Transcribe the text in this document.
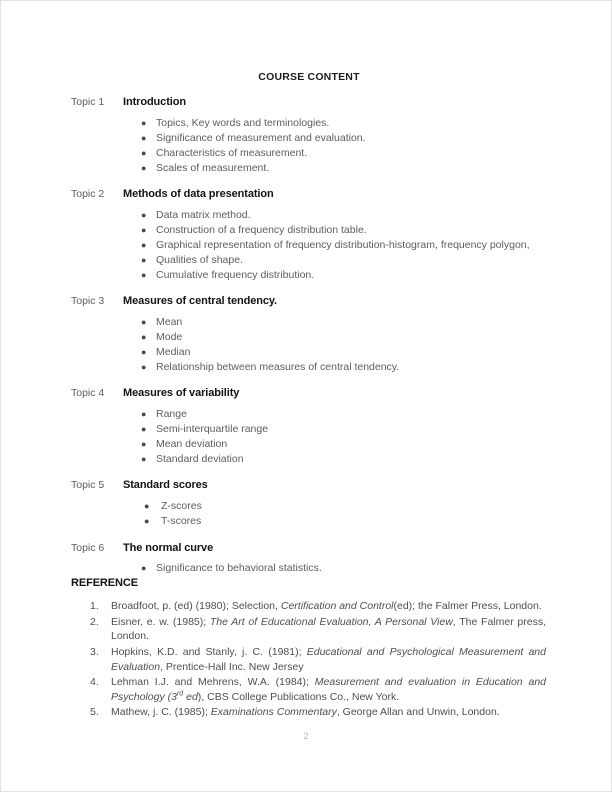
COURSE CONTENT
Topic 1	Introduction
● Topics, Key words and terminologies.
● Significance of measurement and evaluation.
● Characteristics of measurement.
● Scales of measurement.
Topic 2	Methods of data presentation
● Data matrix method.
● Construction of a frequency distribution table.
● Graphical representation of frequency distribution-histogram, frequency polygon,
● Qualities of shape.
● Cumulative frequency distribution.
Topic 3	Measures of central tendency.
● Mean
● Mode
● Median
● Relationship between measures of central tendency.
Topic 4	Measures of variability
● Range
● Semi-interquartile range
● Mean deviation
● Standard deviation
Topic 5	Standard scores
● Z-scores
● T-scores
Topic 6	The normal curve
● Significance to behavioral statistics.
REFERENCE
1.	Broadfoot, p. (ed) (1980); Selection, Certification and Control(ed); the Falmer Press, London.
2.	Eisner, e. w. (1985); The Art of Educational Evaluation, A Personal View, The Falmer press, London.
3.	Hopkins, K.D. and Stanly, j. C. (1981); Educational and Psychological Measurement and Evaluation, Prentice-Hall Inc. New Jersey
4.	Lehman I.J. and Mehrens, W.A. (1984); Measurement and evaluation in Education and Psychology (3rd ed), CBS College Publications Co., New York.
5.	Mathew, j. C. (1985); Examinations Commentary, George Allan and Unwin, London.
2
